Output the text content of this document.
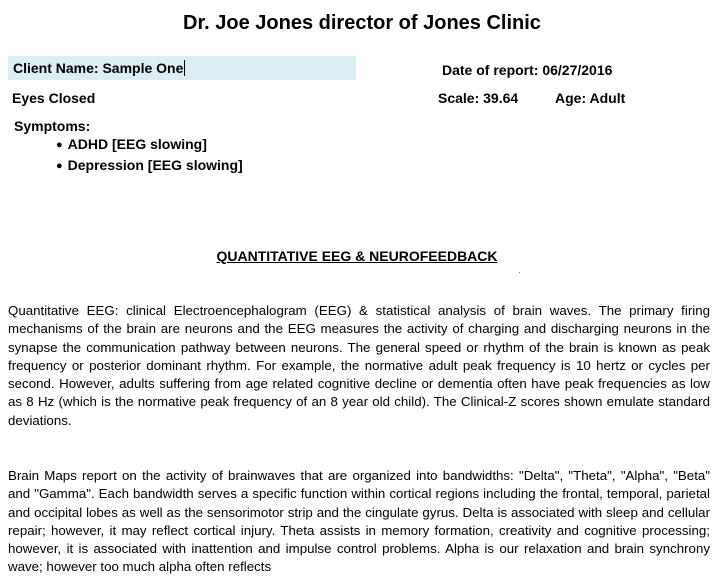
Dr. Joe Jones director of Jones Clinic
Client Name: Sample One	Date of report: 06/27/2016
Eyes Closed	Scale: 39.64	Age: Adult
Symptoms:
● ADHD [EEG slowing]
● Depression [EEG slowing]
QUANTITATIVE EEG & NEUROFEEDBACK

Quantitative EEG: clinical Electroencephalogram (EEG) & statistical analysis of brain waves. The primary firing mechanisms of the brain are neurons and the EEG measures the activity of charging and discharging neurons in the synapse the communication pathway between neurons. The general speed or rhythm of the brain is known as peak frequency or posterior dominant rhythm. For example, the normative adult peak frequency is 10 hertz or cycles per second. However, adults suffering from age related cognitive decline or dementia often have peak frequencies as low as 8 Hz (which is the normative peak frequency of an 8 year old child). The Clinical-Z scores shown emulate standard deviations.

Brain Maps report on the activity of brainwaves that are organized into bandwidths: "Delta", "Theta", "Alpha", "Beta" and "Gamma". Each bandwidth serves a specific function within cortical regions including the frontal, temporal, parietal and occipital lobes as well as the sensorimotor strip and the cingulate gyrus. Delta is associated with sleep and cellular repair; however, it may reflect cortical injury. Theta assists in memory formation, creativity and cognitive processing; however, it is associated with inattention and impulse control problems. Alpha is our relaxation and brain synchrony wave; however too much alpha often reflects
